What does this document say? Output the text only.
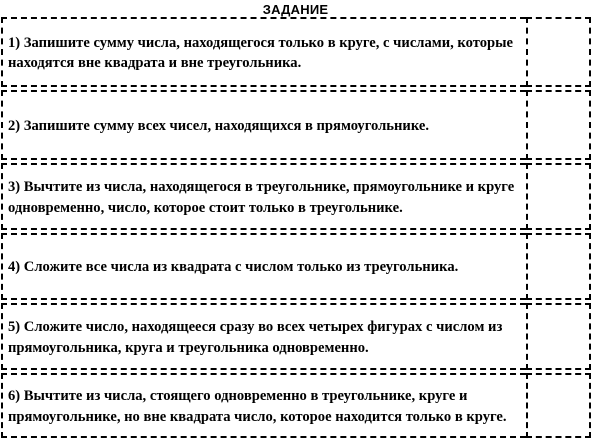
ЗАДАНИЕ
1) Запишите сумму числа, находящегося только в круге, с числами, которые находятся вне квадрата и вне треугольника.
2) Запишите сумму всех чисел, находящихся в прямоугольнике.
3) Вычтите из числа, находящегося в треугольнике, прямоугольнике и круге одновременно, число, которое стоит только в треугольнике.
4) Сложите все числа из квадрата с числом только из треугольника.
5) Сложите число, находящееся сразу во всех четырех фигурах с числом из прямоугольника, круга и треугольника одновременно.
6) Вычтите из числа, стоящего одновременно в треугольнике, круге и прямоугольнике, но вне квадрата число, которое находится только в круге.
